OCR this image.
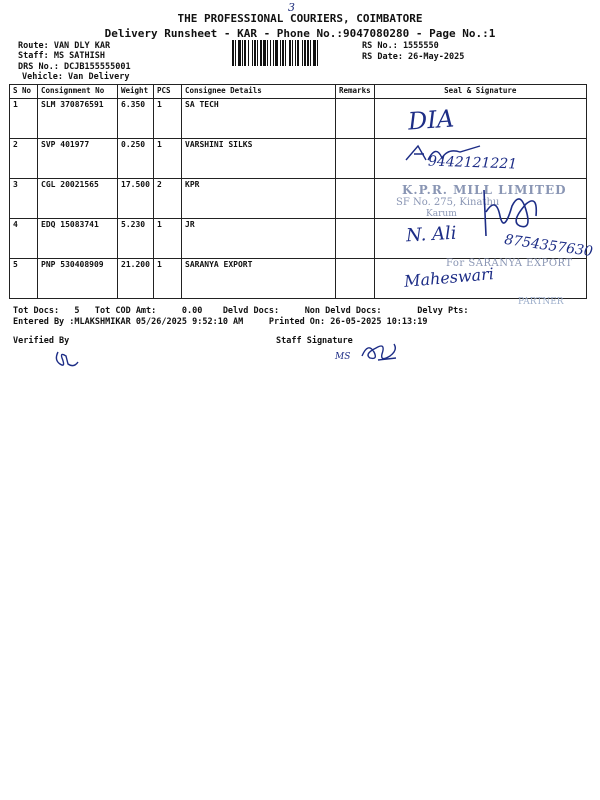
3
THE PROFESSIONAL COURIERS, COIMBATORE
Delivery Runsheet - KAR - Phone No.:9047080280 - Page No.:1
Route: VAN DLY KAR
Staff: MS SATHISH
DRS No.: DCJB155555001
Vehicle: Van Delivery
RS No.: 1555550
RS Date: 26-May-2025
S No	Consignment No	Weight	PCS	Consignee Details	Remarks	Seal & Signature
1	SLM 370876591	6.350	1	SA TECH		
2	SVP 401977	0.250	1	VARSHINI SILKS		
3	CGL 20021565	17.500	2	KPR		
4	EDQ 15083741	5.230	1	JR		
5	PNP 530408909	21.200	1	SARANYA EXPORT		
K.P.R. MILL LIMITED
SF No. 275, Kinathu
Karum
For SARANYA EXPORT
PARTNER
DIA
9442121221
N. Ali	8754357630
Maheswari
Tot Docs:   5   Tot COD Amt:     0.00    Delvd Docs:     Non Delvd Docs:       Delvy Pts:
Entered By :MLAKSHMIKAR 05/26/2025 9:52:10 AM     Printed On: 26-05-2025 10:13:19
Verified By	Staff Signature
MS
